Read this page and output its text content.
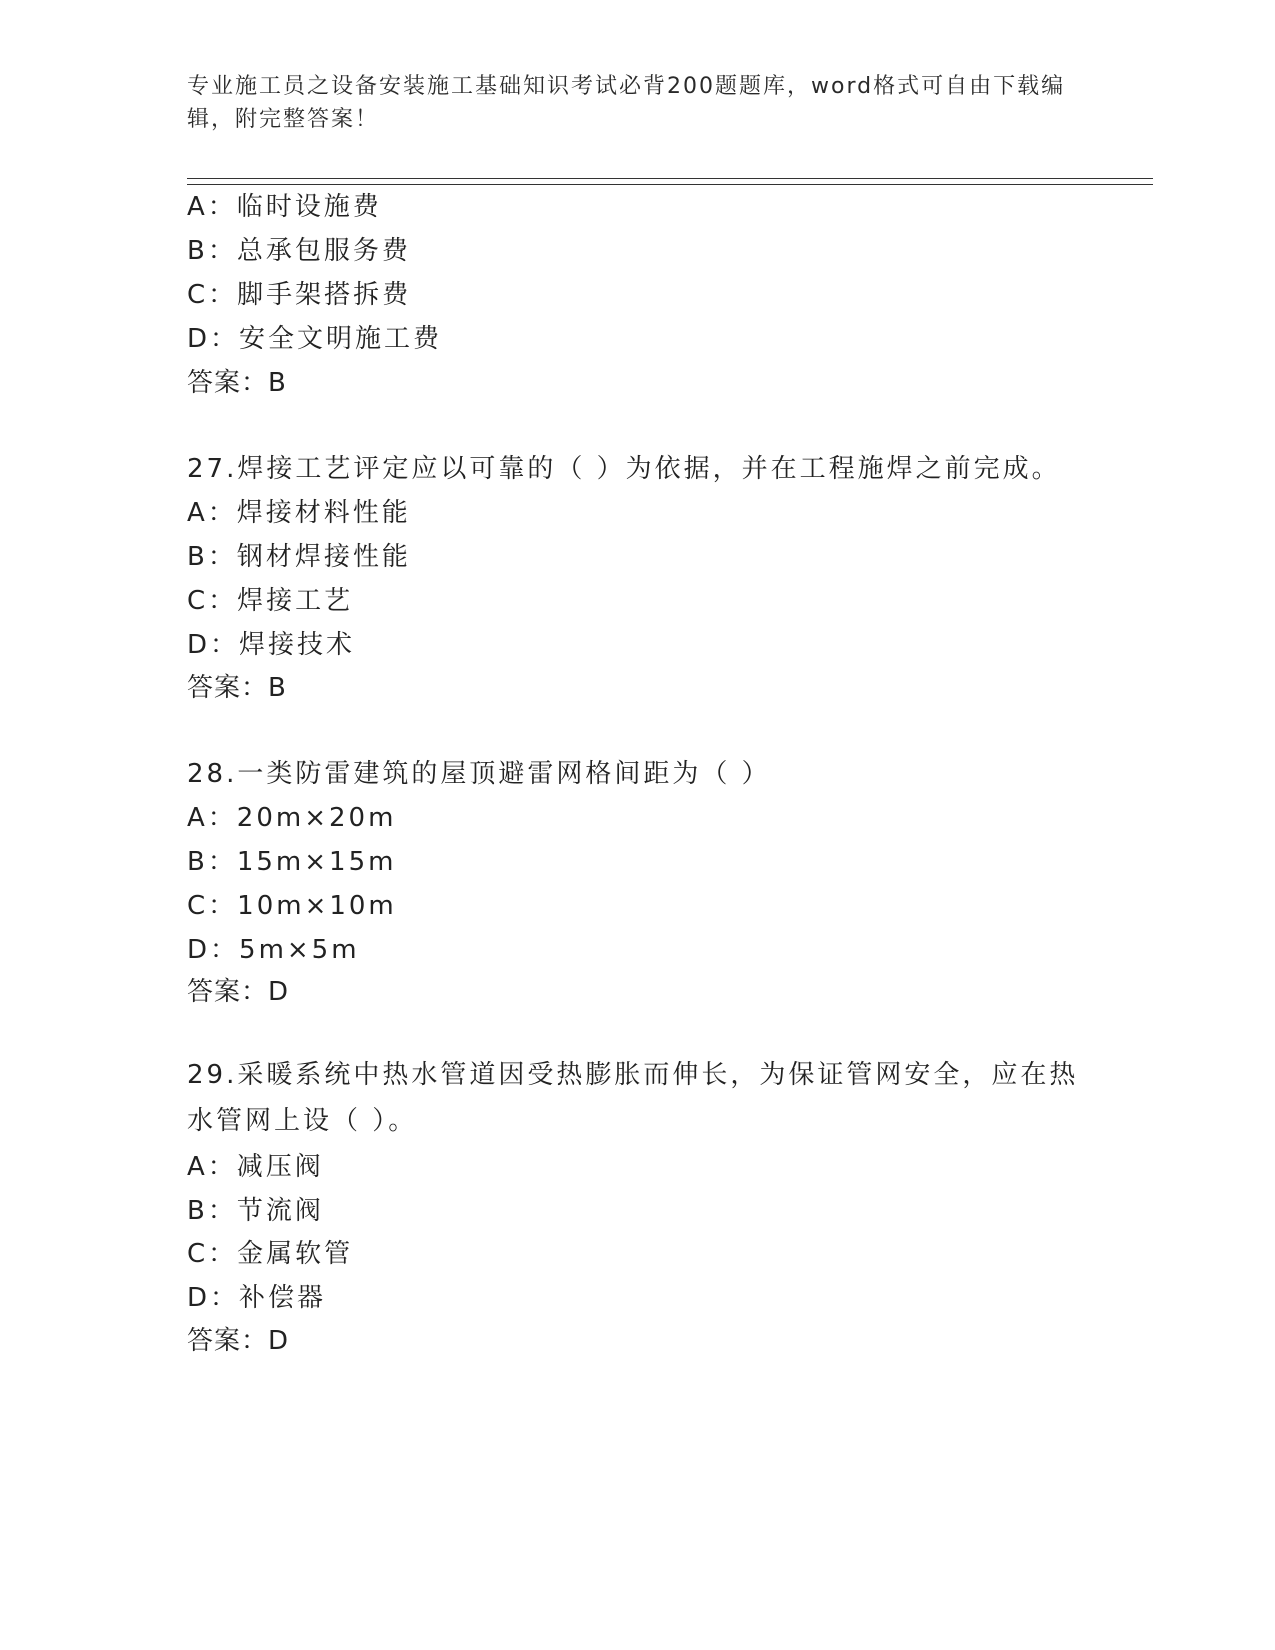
专业施工员之设备安装施工基础知识考试必背200题题库，word格式可自由下载编辑，附完整答案！
A：临时设施费
B：总承包服务费
C：脚手架搭拆费
D：安全文明施工费
答案：B
27.焊接工艺评定应以可靠的（ ）为依据，并在工程施焊之前完成。
A：焊接材料性能
B：钢材焊接性能
C：焊接工艺
D：焊接技术
答案：B
28.一类防雷建筑的屋顶避雷网格间距为（ ）
A：20m×20m
B：15m×15m
C：10m×10m
D：5m×5m
答案：D
29.采暖系统中热水管道因受热膨胀而伸长，为保证管网安全，应在热水管网上设（ ）。
A：减压阀
B：节流阀
C：金属软管
D：补偿器
答案：D
